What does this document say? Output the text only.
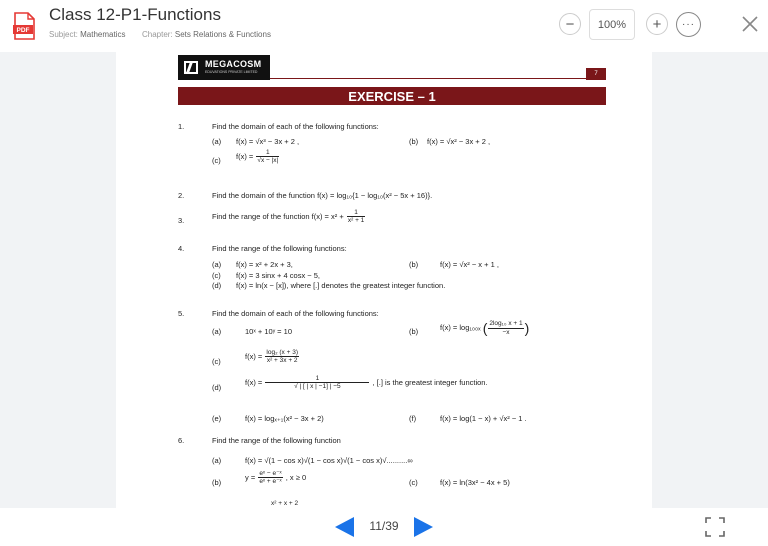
PDF
Class 12-P1-Functions
Subject: Mathematics Chapter: Sets Relations & Functions
−	100%	+	···
MEGACOSM
EDUVATIONS PRIVATE LIMITED	7
EXERCISE – 1
1.	Find the domain of each of the following functions:
(a) f(x) = √x³ − 3x + 2 ,	(b) f(x) = √x² − 3x + 2 ,
(c) $f(x) = \frac{1}{√x - |x|}$
2.	Find the domain of the function f(x) = log₁₀{1 − log₁₀(x² − 5x + 16)}.
3.	Find the range of the function $f(x) = x^2 + \frac{1}{\text{x² + 1}}$
4.	Find the range of the following functions:
(a) f(x) = x² + 2x + 3,	(b)	f(x) = √x² − x + 1 ,
(c) f(x) = 3 sinx + 4 cosx − 5,
(d) f(x) = ln(x − [x]), where [.] denotes the greatest integer function.
5.	Find the domain of each of the following functions:
(a)	10ˣ + 10ʸ = 10	(b)	f(x) = log₁₀₀ₓ ( $\frac{\text{2log₁₀ x + 1}}{-x}$ )
(c)
$f(x) = \frac{\text{log₂ (x + 3)}}{\text{x² + 3x + 2}}$
(d)
$f(x) = \frac{1}{√ | [ | x | -1] | -5}$ , [.] is the greatest integer function.
(e)	f(x) = logₓ₊₁(x² − 3x + 2)	(f)	f(x) = log(1 − x) + √x² − 1 .
6.	Find the range of the following function
(a)	f(x) = √(1 − cos x)√(1 − cos x)√(1 − cos x)√..........∞
(b)
$y = \frac{\text{eˣ − e⁻ˣ}}{\text{eˣ + e⁻ˣ}}$ , x ≥ 0
(c)	f(x) = ln(3x² − 4x + 5)
x² + x + 2
11/39
